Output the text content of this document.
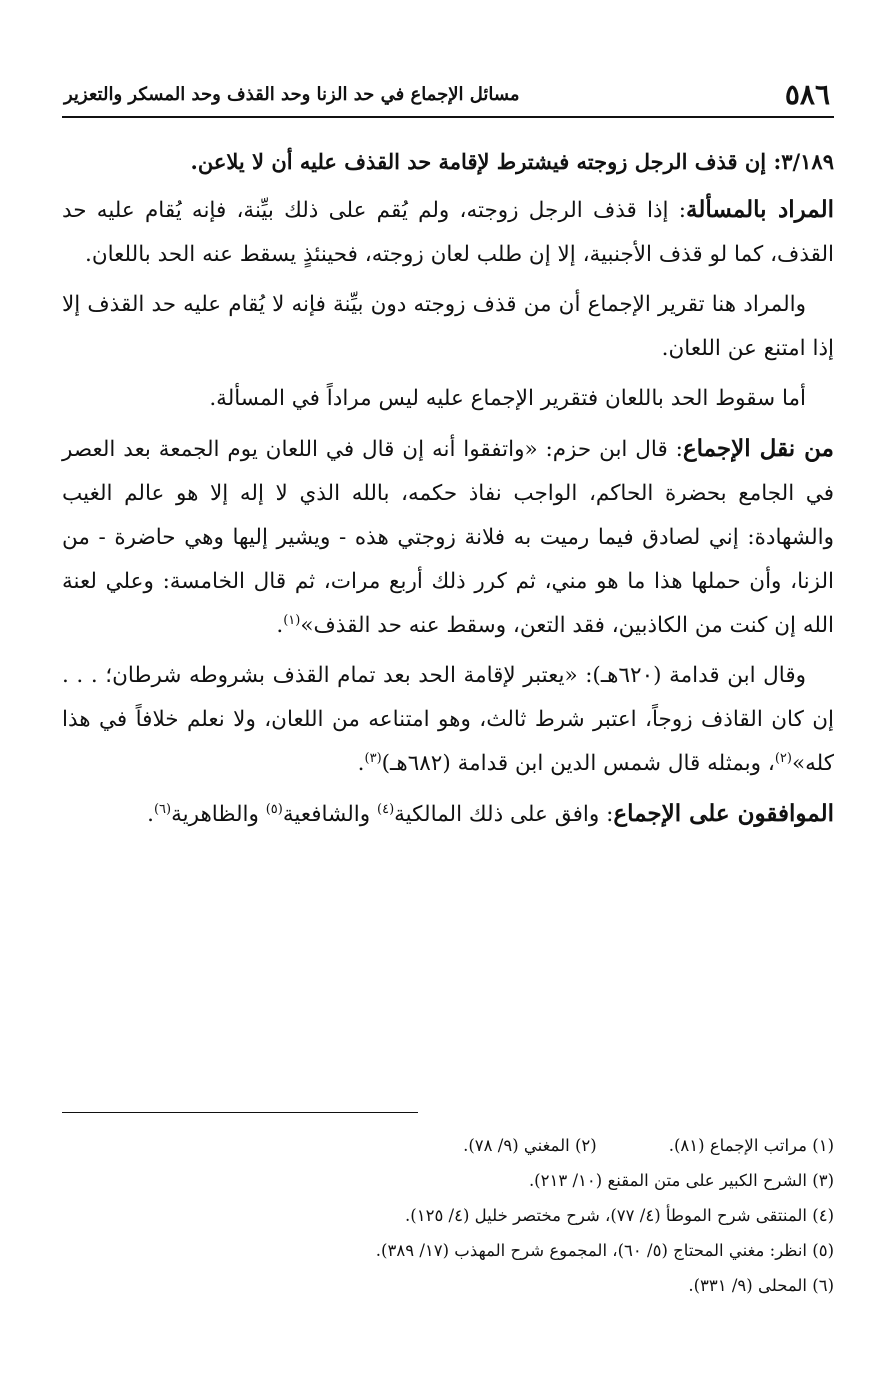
٥٨٦
مسائل الإجماع في حد الزنا وحد القذف وحد المسكر والتعزير
٣/١٨٩: إن قذف الرجل زوجته فيشترط لإقامة حد القذف عليه أن لا يلاعن.

المراد بالمسألة: إذا قذف الرجل زوجته، ولم يُقم على ذلك بيِّنة، فإنه يُقام عليه حد القذف، كما لو قذف الأجنبية، إلا إن طلب لعان زوجته، فحينئذٍ يسقط عنه الحد باللعان.

والمراد هنا تقرير الإجماع أن من قذف زوجته دون بيِّنة فإنه لا يُقام عليه حد القذف إلا إذا امتنع عن اللعان.

أما سقوط الحد باللعان فتقرير الإجماع عليه ليس مراداً في المسألة.

من نقل الإجماع: قال ابن حزم: «واتفقوا أنه إن قال في اللعان يوم الجمعة بعد العصر في الجامع بحضرة الحاكم، الواجب نفاذ حكمه، بالله الذي لا إله إلا هو عالم الغيب والشهادة: إني لصادق فيما رميت به فلانة زوجتي هذه - ويشير إليها وهي حاضرة - من الزنا، وأن حملها هذا ما هو مني، ثم كرر ذلك أربع مرات، ثم قال الخامسة: وعلي لعنة الله إن كنت من الكاذبين، فقد التعن، وسقط عنه حد القذف»$^{(١)}$.

وقال ابن قدامة (٦٢٠هـ): «يعتبر لإقامة الحد بعد تمام القذف بشروطه شرطان؛ . . . إن كان القاذف زوجاً، اعتبر شرط ثالث، وهو امتناعه من اللعان، ولا نعلم خلافاً في هذا كله»$^{(٢)}$، وبمثله قال شمس الدين ابن قدامة (٦٨٢هـ)$^{(٣)}$.

الموافقون على الإجماع: وافق على ذلك المالكية$^{(٤)}$ والشافعية$^{(٥)}$ والظاهرية$^{(٦)}$.

(١) مراتب الإجماع (٨١).
(٢) المغني (٩/ ٧٨).
(٣) الشرح الكبير على متن المقنع (١٠/ ٢١٣).
(٤) المنتقى شرح الموطأ (٤/ ٧٧)، شرح مختصر خليل (٤/ ١٢٥).
(٥) انظر: مغني المحتاج (٥/ ٦٠)، المجموع شرح المهذب (١٧/ ٣٨٩).
(٦) المحلى (٩/ ٣٣١).
